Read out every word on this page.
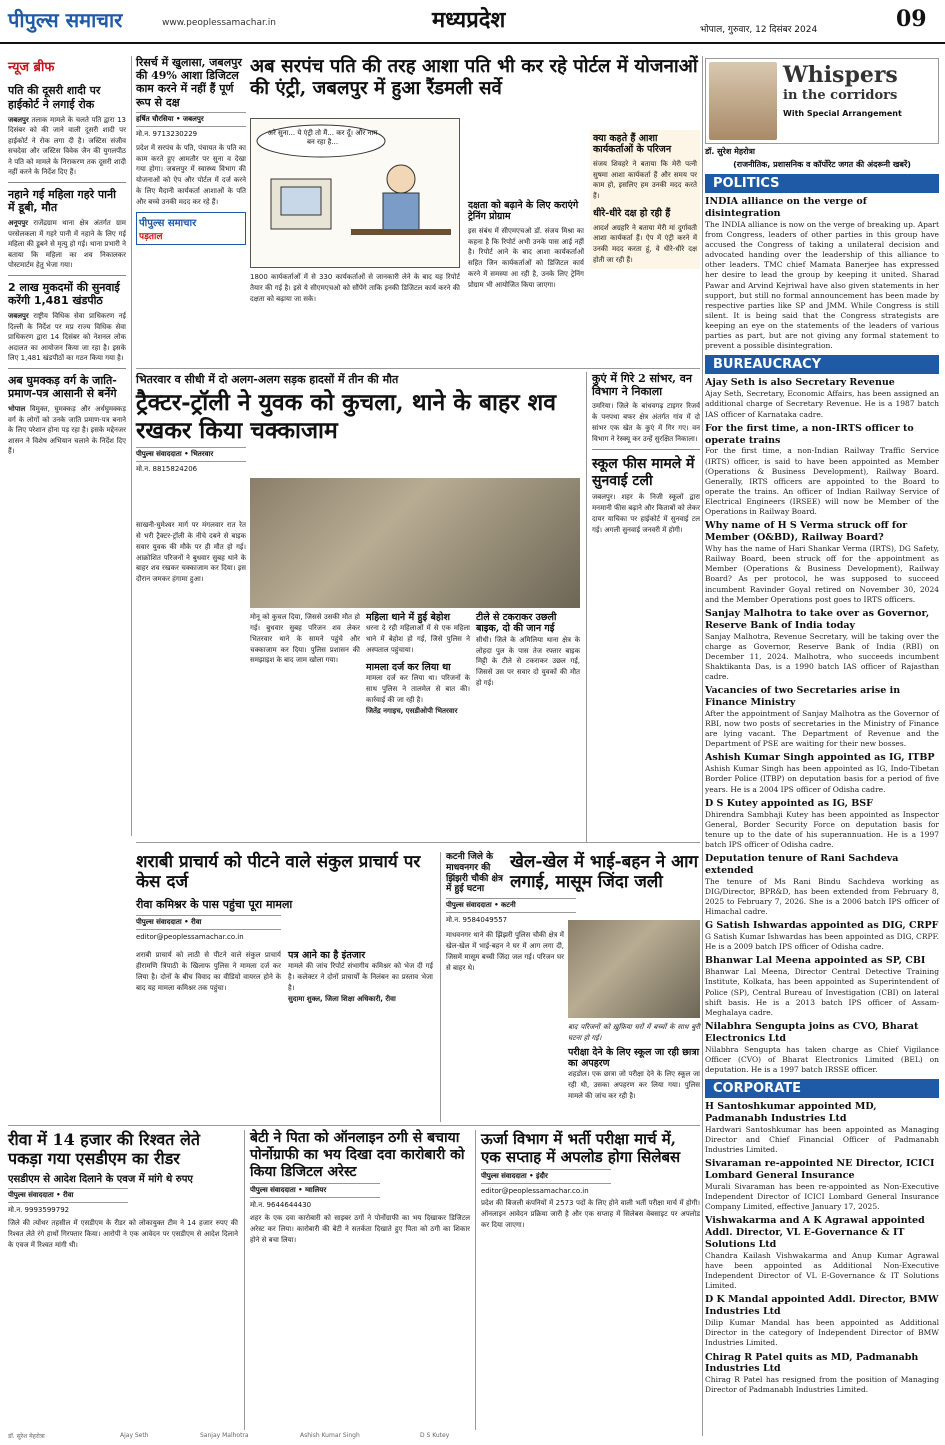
पीपुल्स समाचार	www.peoplessamachar.in	मध्यप्रदेश	भोपाल, गुरुवार, 12 दिसंबर 2024	09
न्यूज ब्रीफ
पति की दूसरी शादी पर हाईकोर्ट ने लगाई रोक
जबलपुर तलाक मामले के चलते पति द्वारा 13 दिसंबर को की जाने वाली दूसरी शादी पर हाईकोर्ट ने रोक लगा दी है। जस्टिस संजीव सचदेवा और जस्टिस विवेक जैन की युगलपीठ ने पति को मामले के निराकरण तक दूसरी शादी नहीं करने के निर्देश दिए हैं।
नहाने गई महिला गहरे पानी में डूबी, मौत
अनूपपुर राजेंद्रग्राम थाना क्षेत्र अंतर्गत ग्राम परसेलकला में गहरे पानी में नहाने के लिए गई महिला की डूबने से मृत्यु हो गई। थाना प्रभारी ने बताया कि महिला का शव निकालकर पोस्टमार्टम हेतु भेजा गया।
2 लाख मुकदमों की सुनवाई करेंगी 1,481 खंडपीठ
जबलपुर राष्ट्रीय विधिक सेवा प्राधिकरण नई दिल्ली के निर्देश पर मप्र राज्य विधिक सेवा प्राधिकरण द्वारा 14 दिसंबर को नेशनल लोक अदालत का आयोजन किया जा रहा है। इसके लिए 1,481 खंडपीठों का गठन किया गया है।
अब घुमक्कड़ वर्ग के जाति-प्रमाण-पत्र आसानी से बनेंगे
भोपाल विमुक्त, घुमक्कड़ और अर्धघुमक्कड़ वर्ग के लोगों को उनके जाति प्रमाण-पत्र बनाने के लिए परेशान होना पड़ रहा है। इसके मद्देनजर शासन ने विशेष अभियान चलाने के निर्देश दिए हैं।
रिसर्च में खुलासा, जबलपुर की 49% आशा डिजिटल काम करने में नहीं हैं पूर्ण रूप से दक्ष
हर्षित चौरसिया • जबलपुर
मो.न. 9713230229
प्रदेश में सरपंच के पति, पंचायत के पति का काम करते हुए आमतौर पर सुना व देखा गया होगा। जबलपुर में स्वास्थ्य विभाग की योजनाओं को ऐप और पोर्टल में दर्ज करने के लिए मैदानी कार्यकर्ता आशाओं के पति और बच्चे उनकी मदद कर रहे हैं।
पीपुल्स समाचार
पड़ताल
अब सरपंच पति की तरह आशा पति भी कर रहे पोर्टल में योजनाओं की एंट्री, जबलपुर में हुआ रैंडमली सर्वे
अरे सुना... ये एंट्री तो मैं... कर दूँ। और नाम बन रहा है...
1800 कार्यकर्ताओं में से 330 कार्यकर्ताओं से जानकारी लेने के बाद यह रिपोर्ट तैयार की गई है। इसे ये सीएमएचओ को सौंपेंगे ताकि इनकी डिजिटल कार्य करने की दक्षता को बढ़ाया जा सके।
दक्षता को बढ़ाने के लिए कराएंगे ट्रेनिंग प्रोग्राम
इस संबंध में सीएमएचओ डॉ. संजय मिश्रा का कहना है कि रिपोर्ट अभी उनके पास आई नहीं है। रिपोर्ट आने के बाद आशा कार्यकर्ताओं सहित जिन कार्यकर्ताओं को डिजिटल कार्य करने में समस्या आ रही है, उनके लिए ट्रेनिंग प्रोग्राम भी आयोजित किया जाएगा।
क्या कहते हैं आशा कार्यकर्ताओं के परिजन
संजय शिवहरे ने बताया कि मेरी पत्नी सुषमा आशा कार्यकर्ता हैं और समय पर काम हो, इसलिए हम उनकी मदद करते हैं।
धीरे-धीरे दक्ष हो रही हैं
आदर्श अग्रहरि ने बताया मेरी मां दुर्गावती आशा कार्यकर्ता हैं। ऐप में एंट्री करने में उनकी मदद करता हूं, वे धीरे-धीरे दक्ष होती जा रही हैं।
भितरवार व सीधी में दो अलग-अलग सड़क हादसों में तीन की मौत
ट्रैक्टर-ट्रॉली ने युवक को कुचला, थाने के बाहर शव रखकर किया चक्काजाम
पीपुल्स संवाददाता • भितरवार
मो.न. 8815824206
साखनी-घुमेश्वर मार्ग पर मंगलवार रात रेत से भरी ट्रैक्टर-ट्रॉली के नीचे दबने से बाइक सवार युवक की मौके पर ही मौत हो गई। आक्रोशित परिजनों ने बुधवार सुबह थाने के बाहर शव रखकर चक्काजाम कर दिया। इस दौरान जमकर हंगामा हुआ।
मोनू को कुचल दिया, जिससे उसकी मौत हो गई। बुधवार सुबह परिजन शव लेकर भितरवार थाने के सामने पहुंचे और चक्काजाम कर दिया। पुलिस प्रशासन की समझाइश के बाद जाम खोला गया।
महिला थाने में हुई बेहोश
धरना दे रही महिलाओं में से एक महिला थाने में बेहोश हो गई, जिसे पुलिस ने अस्पताल पहुंचाया।
मामला दर्ज कर लिया था
मामला दर्ज कर लिया था। परिजनों के साथ पुलिस ने तालमेल से बात की। कार्रवाई की जा रही है।
जितेंद्र नगाइच, एसडीओपी भितरवार
टीले से टकराकर उछली बाइक, दो की जान गई
सीधी। जिले के अमिलिया थाना क्षेत्र के लोहदा पुल के पास तेज रफ्तार बाइक मिट्टी के टीले से टकराकर उछल गई, जिससे उस पर सवार दो युवकों की मौत हो गई।
कुएं में गिरे 2 सांभर, वन विभाग ने निकाला
उमरिया। जिले के बांधवगढ़ टाइगर रिजर्व के पनपथा बफर क्षेत्र अंतर्गत गांव में दो सांभर एक खेत के कुएं में गिर गए। वन विभाग ने रेस्क्यू कर उन्हें सुरक्षित निकाला।
स्कूल फीस मामले में सुनवाई टली
जबलपुर। शहर के निजी स्कूलों द्वारा मनमानी फीस बढ़ाने और किताबों को लेकर दायर याचिका पर हाईकोर्ट में सुनवाई टल गई। अगली सुनवाई जनवरी में होगी।
शराबी प्राचार्य को पीटने वाले संकुल प्राचार्य पर केस दर्ज
रीवा कमिश्नर के पास पहुंचा पूरा मामला
पीपुल्स संवाददाता • रीवा
editor@peoplessamachar.co.in
शराबी प्राचार्य को लाठी से पीटने वाले संकुल प्राचार्य हीरामणि त्रिपाठी के खिलाफ पुलिस ने मामला दर्ज कर लिया है। दोनों के बीच विवाद का वीडियो वायरल होने के बाद यह मामला कमिश्नर तक पहुंचा।
पत्र आने का है इंतजार
मामले की जांच रिपोर्ट संभागीय कमिश्नर को भेज दी गई है। कलेक्टर ने दोनों प्राचार्यों के निलंबन का प्रस्ताव भेजा है।
सुदामा शुक्ल, जिला शिक्षा अधिकारी, रीवा
कटनी जिले के माधवनगर की झिंझरी चौकी क्षेत्र में हुई घटना
खेल-खेल में भाई-बहन ने आग लगाई, मासूम जिंदा जली
पीपुल्स संवाददाता • कटनी
मो.न. 9584049557
माधवनगर थाने की झिंझरी पुलिस चौकी क्षेत्र में खेल-खेल में भाई-बहन ने घर में आग लगा दी, जिसमें मासूम बच्ची जिंदा जल गई। परिजन घर से बाहर थे।
बाद परिजनों को ख़ुफ़िया घरों में बच्चों के साथ बुरी घटना हो गई।
परीक्षा देने के लिए स्कूल जा रही छात्रा का अपहरण
शहडोल। एक छात्रा जो परीक्षा देने के लिए स्कूल जा रही थी, उसका अपहरण कर लिया गया। पुलिस मामले की जांच कर रही है।
रीवा में 14 हजार की रिश्वत लेते पकड़ा गया एसडीएम का रीडर
एसडीएम से आदेश दिलाने के एवज में मांगे थे रुपए
पीपुल्स संवाददाता • रीवा
मो.न. 9993599792
जिले की त्योंथर तहसील में एसडीएम के रीडर को लोकायुक्त टीम ने 14 हजार रुपए की रिश्वत लेते रंगे हाथों गिरफ्तार किया। आरोपी ने एक आवेदन पर एसडीएम से आदेश दिलाने के एवज में रिश्वत मांगी थी।
बेटी ने पिता को ऑनलाइन ठगी से बचाया पोर्नोग्राफी का भय दिखा दवा कारोबारी को किया डिजिटल अरेस्ट
पीपुल्स संवाददाता • ग्वालियर
मो.न. 9644644430
शहर के एक दवा कारोबारी को साइबर ठगों ने पोर्नोग्राफी का भय दिखाकर डिजिटल अरेस्ट कर लिया। कारोबारी की बेटी ने सतर्कता दिखाते हुए पिता को ठगी का शिकार होने से बचा लिया।
ऊर्जा विभाग में भर्ती परीक्षा मार्च में, एक सप्ताह में अपलोड होगा सिलेबस
पीपुल्स संवाददाता • इंदौर
editor@peoplessamachar.co.in
प्रदेश की बिजली कंपनियों में 2573 पदों के लिए होने वाली भर्ती परीक्षा मार्च में होगी। ऑनलाइन आवेदन प्रक्रिया जारी है और एक सप्ताह में सिलेबस वेबसाइट पर अपलोड कर दिया जाएगा।
Whispers
in the corridors
With Special Arrangement
डॉ. सुरेश मेहरोत्रा
(राजनीतिक, प्रशासनिक व कॉर्पोरेट जगत की अंदरूनी खबरें)
POLITICS
INDIA alliance on the verge of disintegration
The INDIA alliance is now on the verge of breaking up. Apart from Congress, leaders of other parties in this group have accused the Congress of taking a unilateral decision and advocated handing over the leadership of this alliance to other leaders. TMC chief Mamata Banerjee has expressed her desire to lead the group by keeping it united. Sharad Pawar and Arvind Kejriwal have also given statements in her support, but still no formal announcement has been made by respective parties like SP and JMM. While Congress is still silent. It is being said that the Congress strategists are keeping an eye on the statements of the leaders of various parties as part, but are not giving any formal statement to prevent a possible disintegration.
BUREAUCRACY
Ajay Seth is also Secretary Revenue
Ajay Seth, Secretary, Economic Affairs, has been assigned an additional charge of Secretary Revenue. He is a 1987 batch IAS officer of Karnataka cadre.
For the first time, a non-IRTS officer to operate trains
For the first time, a non-Indian Railway Traffic Service (IRTS) officer, is said to have been appointed as Member (Operations & Business Development), Railway Board. Generally, IRTS officers are appointed to the Board to operate the trains. An officer of Indian Railway Service of Electrical Engineers (IRSEE) will now be Member of the Operations in Railway Board.
Why name of H S Verma struck off for Member (O&BD), Railway Board?
Why has the name of Hari Shankar Verma (IRTS), DG Safety, Railway Board, been struck off for the appointment as Member (Operations & Business Development), Railway Board? As per protocol, he was supposed to succeed incumbent Ravinder Goyal retired on November 30, 2024 and the Member Operations post goes to IRTS officers.
Sanjay Malhotra to take over as Governor, Reserve Bank of India today
Sanjay Malhotra, Revenue Secretary, will be taking over the charge as Governor, Reserve Bank of India (RBI) on December 11, 2024. Malhotra, who succeeds incumbent Shaktikanta Das, is a 1990 batch IAS officer of Rajasthan cadre.
Vacancies of two Secretaries arise in Finance Ministry
After the appointment of Sanjay Malhotra as the Governor of RBI, now two posts of secretaries in the Ministry of Finance are lying vacant. The Department of Revenue and the Department of PSE are waiting for their new bosses.
Ashish Kumar Singh appointed as IG, ITBP
Ashish Kumar Singh has been appointed as IG, Indo-Tibetan Border Police (ITBP) on deputation basis for a period of five years. He is a 2004 IPS officer of Odisha cadre.
D S Kutey appointed as IG, BSF
Dhirendra Sambhaji Kutey has been appointed as Inspector General, Border Security Force on deputation basis for tenure up to the date of his superannuation. He is a 1997 batch IPS officer of Odisha cadre.
Deputation tenure of Rani Sachdeva extended
The tenure of Ms Rani Bindu Sachdeva working as DIG/Director, BPR&D, has been extended from February 8, 2025 to February 7, 2026. She is a 2006 batch IPS officer of Himachal cadre.
G Satish Ishwardas appointed as DIG, CRPF
G Satish Kumar Ishwardas has been appointed as DIG, CRPF. He is a 2009 batch IPS officer of Odisha cadre.
Bhanwar Lal Meena appointed as SP, CBI
Bhanwar Lal Meena, Director Central Detective Training Institute, Kolkata, has been appointed as Superintendent of Police (SP), Central Bureau of Investigation (CBI) on lateral shift basis. He is a 2013 batch IPS officer of Assam-Meghalaya cadre.
Nilabhra Sengupta joins as CVO, Bharat Electronics Ltd
Nilabhra Sengupta has taken charge as Chief Vigilance Officer (CVO) of Bharat Electronics Limited (BEL) on deputation. He is a 1997 batch IRSSE officer.
CORPORATE
H Santoshkumar appointed MD, Padmanabh Industries Ltd
Hardwari Santoshkumar has been appointed as Managing Director and Chief Financial Officer of Padmanabh Industries Limited.
Sivaraman re-appointed NE Director, ICICI Lombard General Insurance
Murali Sivaraman has been re-appointed as Non-Executive Independent Director of ICICI Lombard General Insurance Company Limited, effective January 17, 2025.
Vishwakarma and A K Agrawal appointed Addl. Director, VL E-Governance & IT Solutions Ltd
Chandra Kailash Vishwakarma and Anup Kumar Agrawal have been appointed as Additional Non-Executive Independent Director of VL E-Governance & IT Solutions Limited.
D K Mandal appointed Addl. Director, BMW Industries Ltd
Dilip Kumar Mandal has been appointed as Additional Director in the category of Independent Director of BMW Industries Limited.
Chirag R Patel quits as MD, Padmanabh Industries Ltd
Chirag R Patel has resigned from the position of Managing Director of Padmanabh Industries Limited.
डॉ. सुरेश मेहरोत्रा	Ajay Seth	Sanjay Malhotra	Ashish Kumar Singh	D S Kutey
